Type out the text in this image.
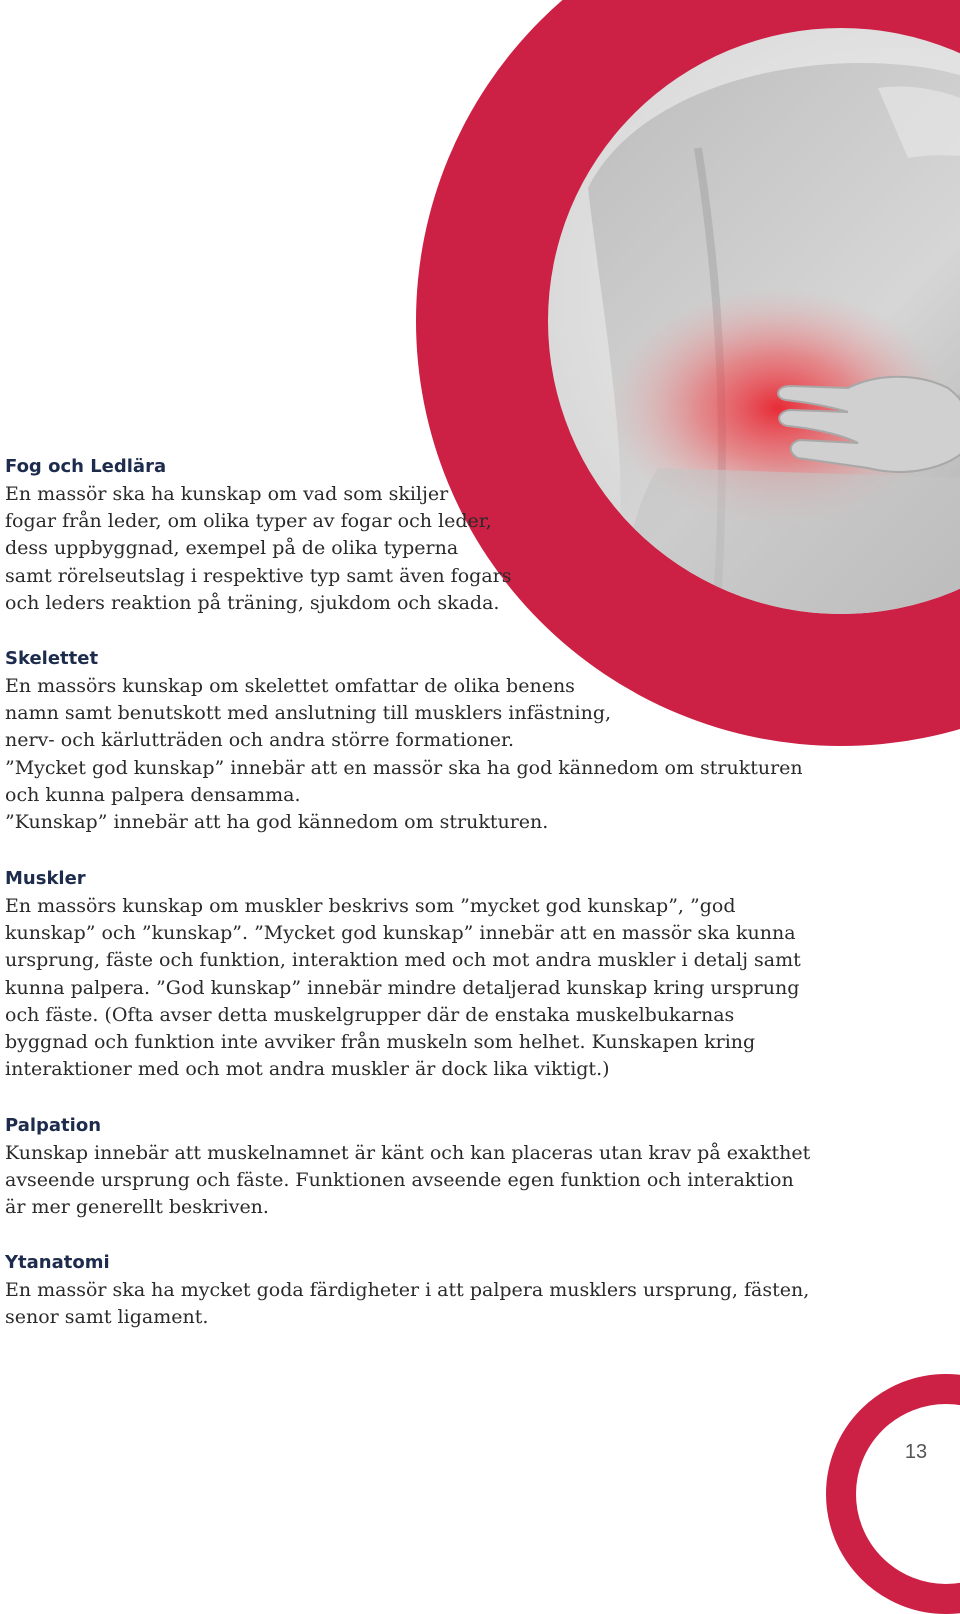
Fog och Ledlära

En massör ska ha kunskap om vad som skiljer

fogar från leder, om olika typer av fogar och leder,

dess uppbyggnad, exempel på de olika typerna

samt rörelseutslag i respektive typ samt även fogars

och leders reaktion på träning, sjukdom och skada.

Skelettet

En massörs kunskap om skelettet omfattar de olika benens

namn samt benutskott med anslutning till musklers infästning,

nerv- och kärlutträden och andra större formationer.

”Mycket god kunskap” innebär att en massör ska ha god kännedom om strukturen

och kunna palpera densamma.

”Kunskap” innebär att ha god kännedom om strukturen.

Muskler

En massörs kunskap om muskler beskrivs som ”mycket god kunskap”, ”god

kunskap” och ”kunskap”. ”Mycket god kunskap” innebär att en massör ska kunna

ursprung, fäste och funktion, interaktion med och mot andra muskler i detalj samt

kunna palpera. ”God kunskap” innebär mindre detaljerad kunskap kring ursprung

och fäste. (Ofta avser detta muskelgrupper där de enstaka muskelbukarnas

byggnad och funktion inte avviker från muskeln som helhet. Kunskapen kring

interaktioner med och mot andra muskler är dock lika viktigt.)

Palpation

Kunskap innebär att muskelnamnet är känt och kan placeras utan krav på exakthet

avseende ursprung och fäste. Funktionen avseende egen funktion och interaktion

är mer generellt beskriven.

Ytanatomi

En massör ska ha mycket goda färdigheter i att palpera musklers ursprung, fästen,

senor samt ligament.

13
